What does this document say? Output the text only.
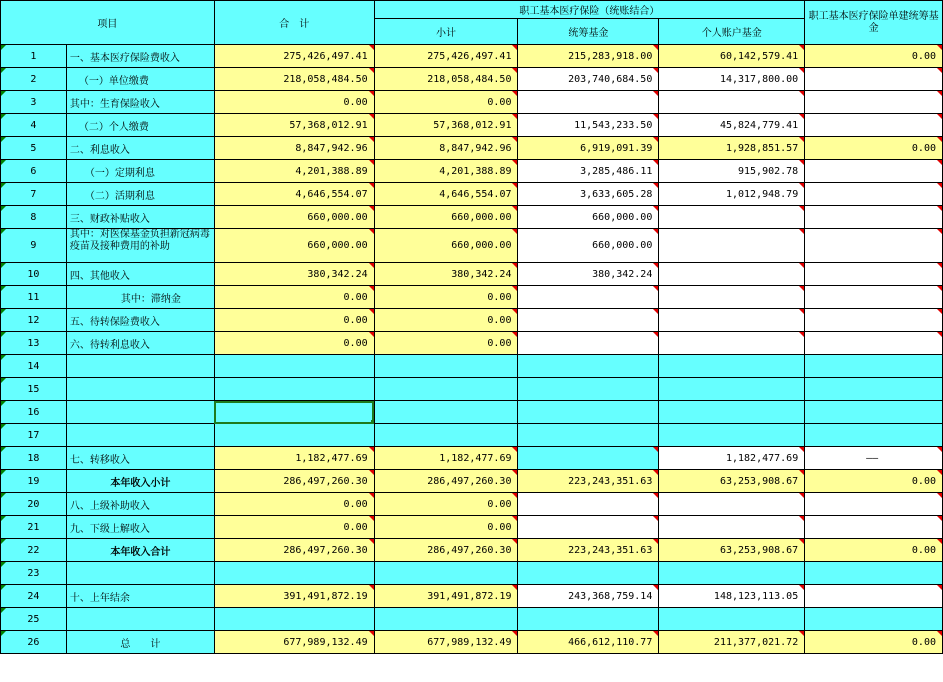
项目		合　计	职工基本医疗保险（统账结合）			职工基本医疗保险单建统筹基金
			小计	统筹基金	个人账户基金	
1	一、基本医疗保险费收入	275,426,497.41	275,426,497.41	215,283,918.00	60,142,579.41	0.00
2	（一）单位缴费	218,058,484.50	218,058,484.50	203,740,684.50	14,317,800.00	
3	其中：生育保险收入	0.00	0.00			
4	（二）个人缴费	57,368,012.91	57,368,012.91	11,543,233.50	45,824,779.41	
5	二、利息收入	8,847,942.96	8,847,942.96	6,919,091.39	1,928,851.57	0.00
6	（一）定期利息	4,201,388.89	4,201,388.89	3,285,486.11	915,902.78	
7	（二）活期利息	4,646,554.07	4,646,554.07	3,633,605.28	1,012,948.79	
8	三、财政补贴收入	660,000.00	660,000.00	660,000.00		
9	其中：对医保基金负担新冠病毒疫苗及接种费用的补助	660,000.00	660,000.00	660,000.00		
10	四、其他收入	380,342.24	380,342.24	380,342.24		
11	其中：滞纳金	0.00	0.00			
12	五、待转保险费收入	0.00	0.00			
13	六、待转利息收入	0.00	0.00			
14						
15						
16		

17						
18	七、转移收入	1,182,477.69	1,182,477.69		1,182,477.69	——
19	本年收入小计	286,497,260.30	286,497,260.30	223,243,351.63	63,253,908.67	0.00
20	八、上级补助收入	0.00	0.00			
21	九、下级上解收入	0.00	0.00			
22	本年收入合计	286,497,260.30	286,497,260.30	223,243,351.63	63,253,908.67	0.00
23						
24	十、上年结余	391,491,872.19	391,491,872.19	243,368,759.14	148,123,113.05	
25						
26	总　　计	677,989,132.49	677,989,132.49	466,612,110.77	211,377,021.72	0.00
